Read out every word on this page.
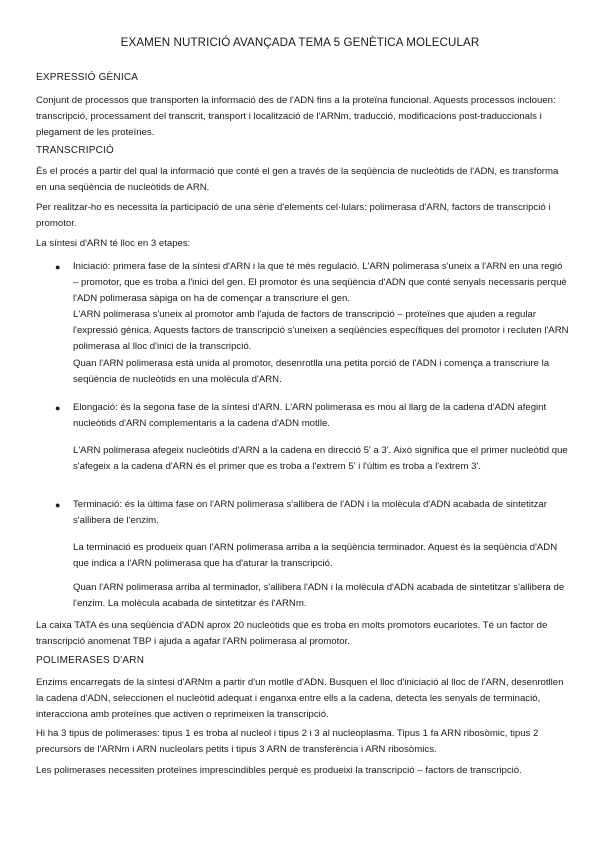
EXAMEN NUTRICIÓ AVANÇADA TEMA 5 GENÈTICA MOLECULAR
EXPRESSIÓ GÈNICA
Conjunt de processos que transporten la informació des de l'ADN fins a la proteïna funcional. Aquests processos inclouen: transcripció, processament del transcrit, transport i localització de l'ARNm, traducció, modificacions post-traduccionals i plegament de les proteïnes.
TRANSCRIPCIÓ
És el procés a partir del qual la informació que conté el gen a través de la seqüència de nucleòtids de l'ADN, es transforma en una seqüència de nucleòtids de ARN.
Per realitzar-ho es necessita la participació de una sèrie d'elements cel·lulars: polimerasa d'ARN, factors de transcripció i promotor.
La síntesi d'ARN té lloc en 3 etapes:
● Iniciació: primera fase de la síntesi d'ARN i la que té més regulació. L'ARN polimerasa s'uneix a l'ARN en una regió – promotor, que es troba a l'inici del gen. El promotor és una seqüència d'ADN que conté senyals necessaris perquè l'ADN polimerasa sàpiga on ha de començar a transcriure el gen.
L'ARN polimerasa s'uneix al promotor amb l'ajuda de factors de transcripció – proteïnes que ajuden a regular l'expressió gènica. Aquests factors de transcripció s'uneixen a seqüències específiques del promotor i recluten l'ARN polimerasa al lloc d'inici de la transcripció.
Quan l'ARN polimerasa està unida al promotor, desenrotlla una petita porció de l'ADN i comença a transcriure la seqüència de nucleòtids en una molècula d'ARN.
● Elongació: és la segona fase de la síntesi d'ARN. L'ARN polimerasa es mou al llarg de la cadena d'ADN afegint nucleòtids d'ARN complementaris a la cadena d'ADN motlle.
L'ARN polimerasa afegeix nucleòtids d'ARN a la cadena en direcció 5' a 3'. Això significa que el primer nucleòtid que s'afegeix a la cadena d'ARN és el primer que es troba a l'extrem 5' i l'últim es troba a l'extrem 3'.
● Terminació: és la última fase on l'ARN polimerasa s'allibera de l'ADN i la molècula d'ADN acabada de sintetitzar s'allibera de l'enzim.
La terminació es produeix quan l'ARN polimerasa arriba a la seqüència terminador. Aquest és la seqüència d'ADN que indica a l'ARN polimerasa que ha d'aturar la transcripció.
Quan l'ARN polimerasa arriba al terminador, s'allibera l'ADN i la molècula d'ADN acabada de sintetitzar s'allibera de l'enzim. La molècula acabada de sintetitzar és l'ARNm.
La caixa TATA és una seqüència d'ADN aprox 20 nucleòtids que es troba en molts promotors eucariotes. Té un factor de transcripció anomenat TBP i ajuda a agafar l'ARN polimerasa al promotor.
POLIMERASES D'ARN
Enzims encarregats de la síntesi d'ARNm a partir d'un motlle d'ADN. Busquen el lloc d'iniciació al lloc de l'ARN, desenrotllen la cadena d'ADN, seleccionen el nucleòtid adequat i enganxa entre ells a la cadena, detecta les senyals de terminació, interacciona amb proteïnes que activen o reprimeixen la transcripció.
Hi ha 3 tipus de polimerases: tipus 1 es troba al nucleol i tipus 2 i 3 al nucleoplasma. Tipus 1 fa ARN ribosòmic, tipus 2 precursors de l'ARNm i ARN nucleolars petits i tipus 3 ARN de transferència i ARN ribosòmics.
Les polimerases necessiten proteïnes imprescindibles perquè es produeixi la transcripció – factors de transcripció.
